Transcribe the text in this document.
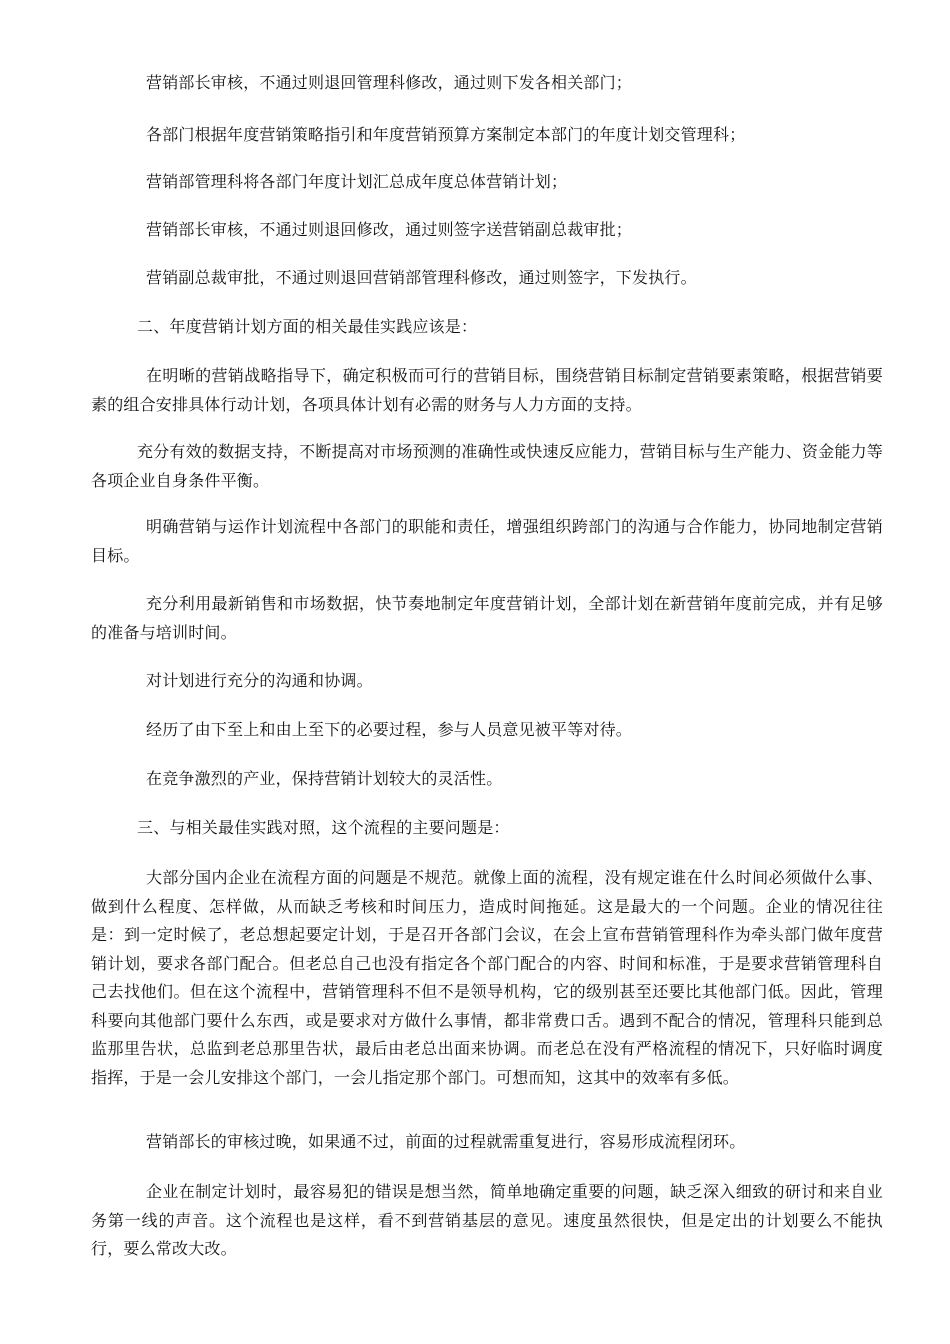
营销部长审核，不通过则退回管理科修改，通过则下发各相关部门；

各部门根据年度营销策略指引和年度营销预算方案制定本部门的年度计划交管理科；

营销部管理科将各部门年度计划汇总成年度总体营销计划；

营销部长审核，不通过则退回修改，通过则签字送营销副总裁审批；

营销副总裁审批，不通过则退回营销部管理科修改，通过则签字，下发执行。

二、年度营销计划方面的相关最佳实践应该是：

在明晰的营销战略指导下，确定积极而可行的营销目标，围绕营销目标制定营销要素策略，根据营销要素的组合安排具体行动计划，各项具体计划有必需的财务与人力方面的支持。

充分有效的数据支持，不断提高对市场预测的准确性或快速反应能力，营销目标与生产能力、资金能力等各项企业自身条件平衡。

明确营销与运作计划流程中各部门的职能和责任，增强组织跨部门的沟通与合作能力，协同地制定营销目标。

充分利用最新销售和市场数据，快节奏地制定年度营销计划，全部计划在新营销年度前完成，并有足够的准备与培训时间。

对计划进行充分的沟通和协调。

经历了由下至上和由上至下的必要过程，参与人员意见被平等对待。

在竞争激烈的产业，保持营销计划较大的灵活性。

三、与相关最佳实践对照，这个流程的主要问题是：

大部分国内企业在流程方面的问题是不规范。就像上面的流程，没有规定谁在什么时间必须做什么事、做到什么程度、怎样做，从而缺乏考核和时间压力，造成时间拖延。这是最大的一个问题。企业的情况往往是：到一定时候了，老总想起要定计划，于是召开各部门会议，在会上宣布营销管理科作为牵头部门做年度营销计划，要求各部门配合。但老总自己也没有指定各个部门配合的内容、时间和标准，于是要求营销管理科自己去找他们。但在这个流程中，营销管理科不但不是领导机构，它的级别甚至还要比其他部门低。因此，管理科要向其他部门要什么东西，或是要求对方做什么事情，都非常费口舌。遇到不配合的情况，管理科只能到总监那里告状，总监到老总那里告状，最后由老总出面来协调。而老总在没有严格流程的情况下，只好临时调度指挥，于是一会儿安排这个部门，一会儿指定那个部门。可想而知，这其中的效率有多低。

营销部长的审核过晚，如果通不过，前面的过程就需重复进行，容易形成流程闭环。

企业在制定计划时，最容易犯的错误是想当然，简单地确定重要的问题，缺乏深入细致的研讨和来自业务第一线的声音。这个流程也是这样，看不到营销基层的意见。速度虽然很快，但是定出的计划要么不能执行，要么常改大改。
